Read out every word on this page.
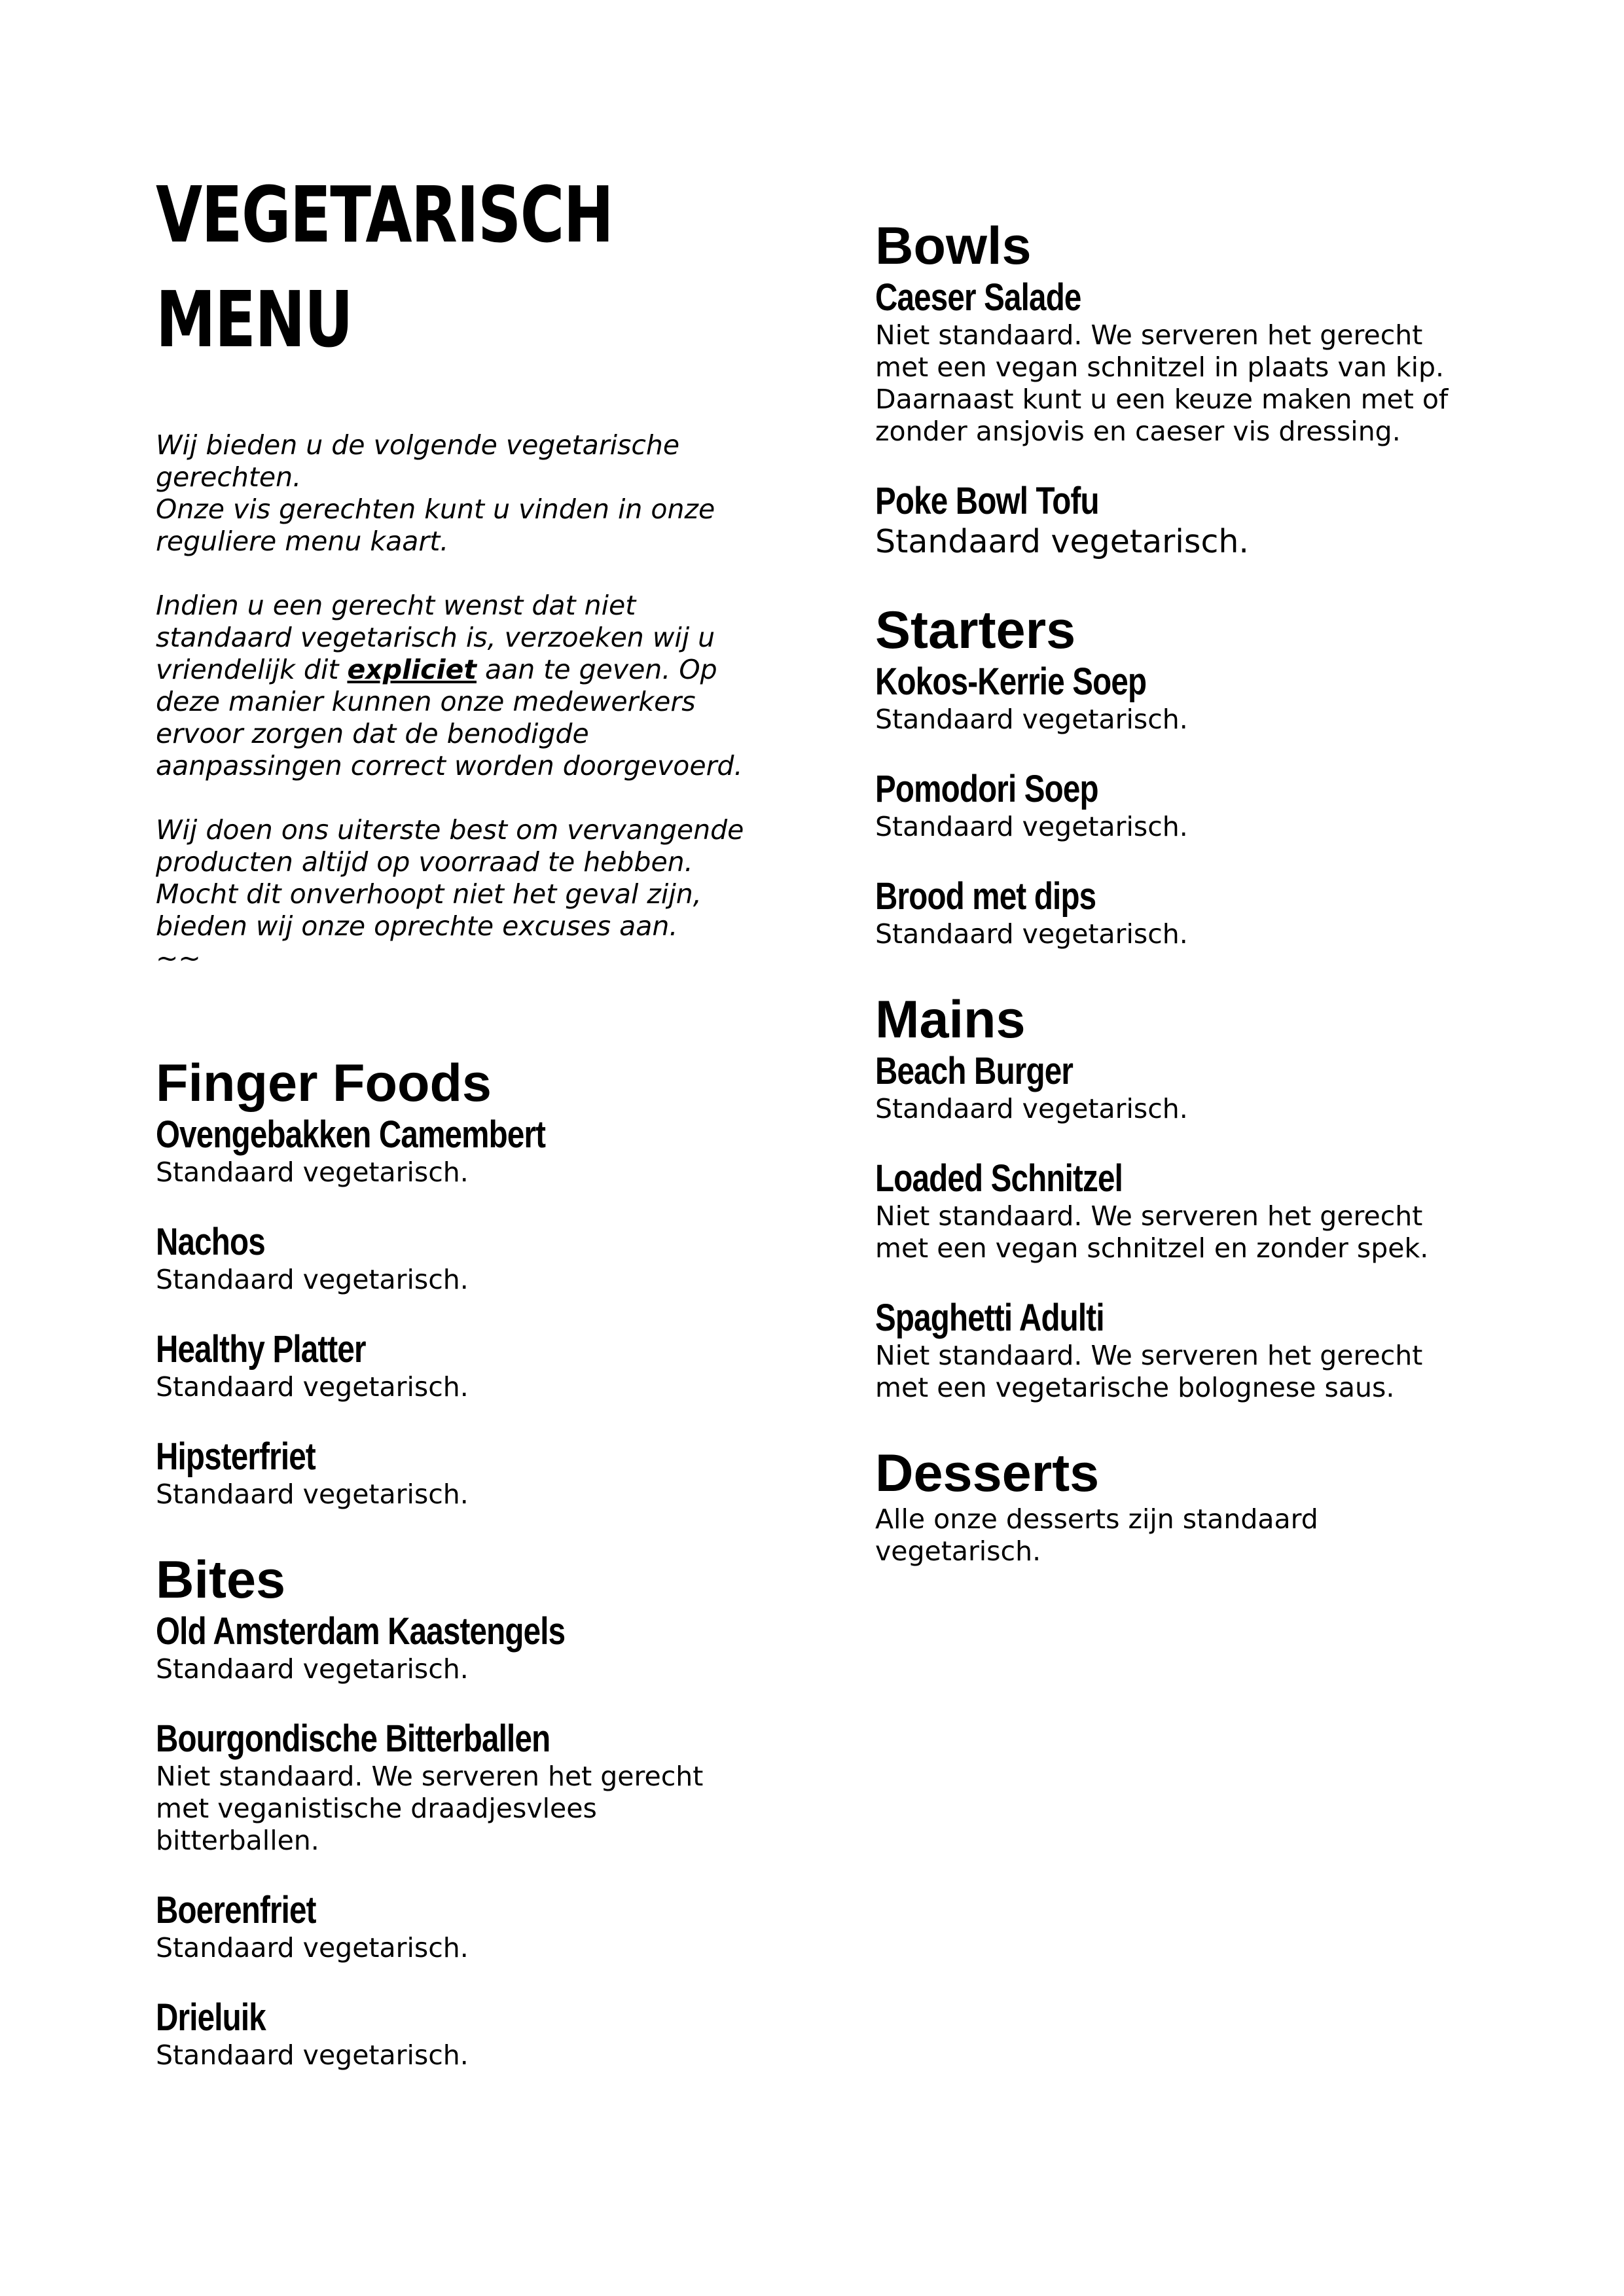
VEGETARISCH
MENU

Wij bieden u de volgende vegetarische gerechten.

Onze vis gerechten kunt u vinden in onze reguliere menu kaart.

Indien u een gerecht wenst dat niet standaard vegetarisch is, verzoeken wij u vriendelijk dit expliciet aan te geven. Op deze manier kunnen onze medewerkers ervoor zorgen dat de benodigde aanpassingen correct worden doorgevoerd.

Wij doen ons uiterste best om vervangende producten altijd op voorraad te hebben. Mocht dit onverhoopt niet het geval zijn, bieden wij onze oprechte excuses aan.

~~

Finger Foods
Ovengebakken Camembert
Standaard vegetarisch.
Nachos
Standaard vegetarisch.
Healthy Platter
Standaard vegetarisch.
Hipsterfriet
Standaard vegetarisch.
Bites
Old Amsterdam Kaastengels
Standaard vegetarisch.
Bourgondische Bitterballen
Niet standaard. We serveren het gerecht met veganistische draadjesvlees bitterballen.
Boerenfriet
Standaard vegetarisch.
Drieluik
Standaard vegetarisch.
Bowls
Caeser Salade
Niet standaard. We serveren het gerecht met een vegan schnitzel in plaats van kip.
Daarnaast kunt u een keuze maken met of zonder ansjovis en caeser vis dressing.
Poke Bowl Tofu
Standaard vegetarisch.
Starters
Kokos-Kerrie Soep
Standaard vegetarisch.
Pomodori Soep
Standaard vegetarisch.
Brood met dips
Standaard vegetarisch.
Mains
Beach Burger
Standaard vegetarisch.
Loaded Schnitzel
Niet standaard. We serveren het gerecht met een vegan schnitzel en zonder spek.
Spaghetti Adulti
Niet standaard. We serveren het gerecht met een vegetarische bolognese saus.
Desserts
Alle onze desserts zijn standaard vegetarisch.
